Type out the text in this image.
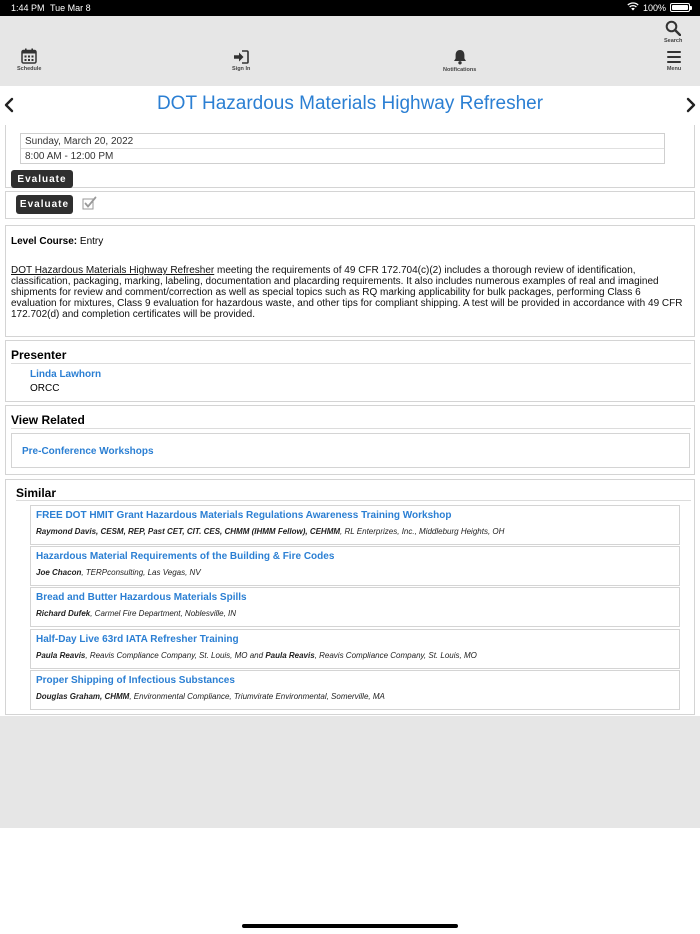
1:44 PM Tue Mar 8	100%
Schedule	Sign In	Notifications
Search
Menu
DOT Hazardous Materials Highway Refresher
Sunday, March 20, 2022
8:00 AM - 12:00 PM
Evaluate
Evaluate
Level Course: Entry
DOT Hazardous Materials Highway Refresher meeting the requirements of 49 CFR 172.704(c)(2) includes a thorough review of identification, classification, packaging, marking, labeling, documentation and placarding requirements. It also includes numerous examples of real and imagined shipments for review and comment/correction as well as special topics such as RQ marking applicability for bulk packages, performing Class 6 evaluation for mixtures, Class 9 evaluation for hazardous waste, and other tips for compliant shipping. A test will be provided in accordance with 49 CFR 172.702(d) and completion certificates will be provided.
Presenter
Linda Lawhorn
ORCC
View Related
Pre-Conference Workshops
Similar
FREE DOT HMIT Grant Hazardous Materials Regulations Awareness Training Workshop
Raymond Davis, CESM, REP, Past CET, CIT. CES, CHMM (IHMM Fellow), CEHMM, RL Enterprizes, Inc., Middleburg Heights, OH
Hazardous Material Requirements of the Building & Fire Codes
Joe Chacon, TERPconsulting, Las Vegas, NV
Bread and Butter Hazardous Materials Spills
Richard Dufek, Carmel Fire Department, Noblesville, IN
Half-Day Live 63rd IATA Refresher Training
Paula Reavis, Reavis Compliance Company, St. Louis, MO and Paula Reavis, Reavis Compliance Company, St. Louis, MO
Proper Shipping of Infectious Substances
Douglas Graham, CHMM, Environmental Compliance, Triumvirate Environmental, Somerville, MA
